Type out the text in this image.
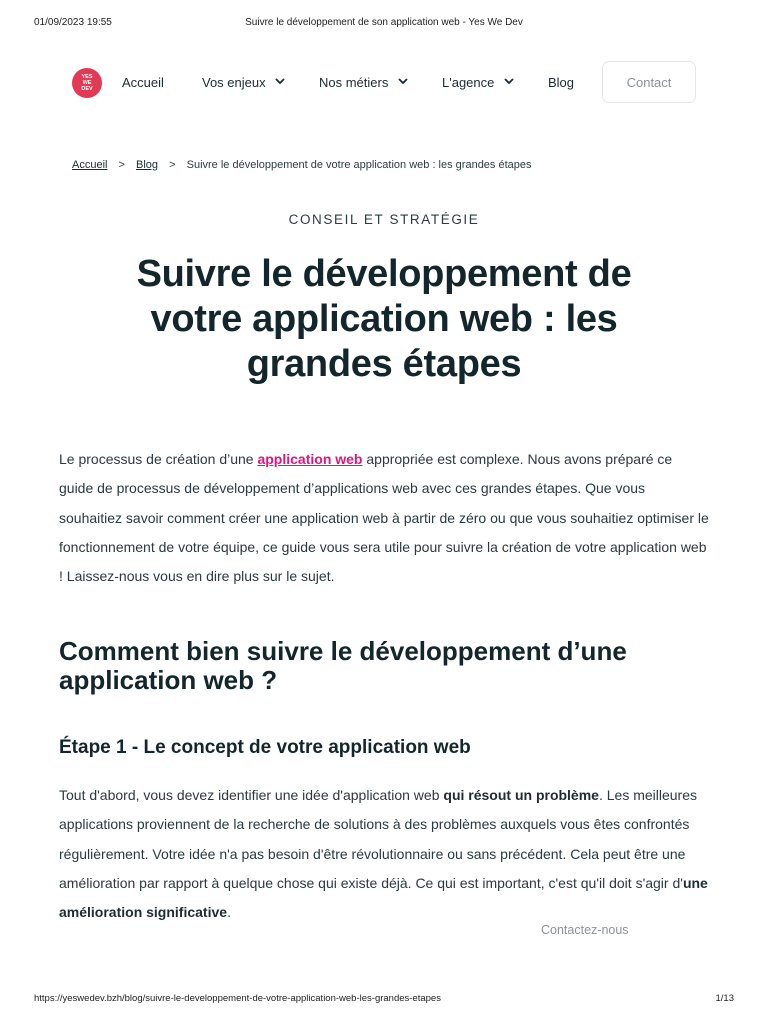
01/09/2023 19:55	Suivre le développement de son application web - Yes We Dev
YES
WE
DEV Accueil	Vos enjeux	Nos métiers	L'agence	Blog	Contact
Accueil > Blog > Suivre le développement de votre application web : les grandes étapes
CONSEIL ET STRATÉGIE
Suivre le développement de votre application web : les grandes étapes

Le processus de création d’une application web appropriée est complexe. Nous avons préparé ce guide de processus de développement d’applications web avec ces grandes étapes. Que vous souhaitiez savoir comment créer une application web à partir de zéro ou que vous souhaitiez optimiser le fonctionnement de votre équipe, ce guide vous sera utile pour suivre la création de votre application web ! Laissez-nous vous en dire plus sur le sujet.

Comment bien suivre le développement d’une application web ?
Étape 1 - Le concept de votre application web

Tout d'abord, vous devez identifier une idée d'application web qui résout un problème. Les meilleures applications proviennent de la recherche de solutions à des problèmes auxquels vous êtes confrontés régulièrement. Votre idée n'a pas besoin d'être révolutionnaire ou sans précédent. Cela peut être une amélioration par rapport à quelque chose qui existe déjà. Ce qui est important, c'est qu'il doit s'agir d'une amélioration significative.

Contactez-nous
https://yeswedev.bzh/blog/suivre-le-developpement-de-votre-application-web-les-grandes-etapes	1/13
